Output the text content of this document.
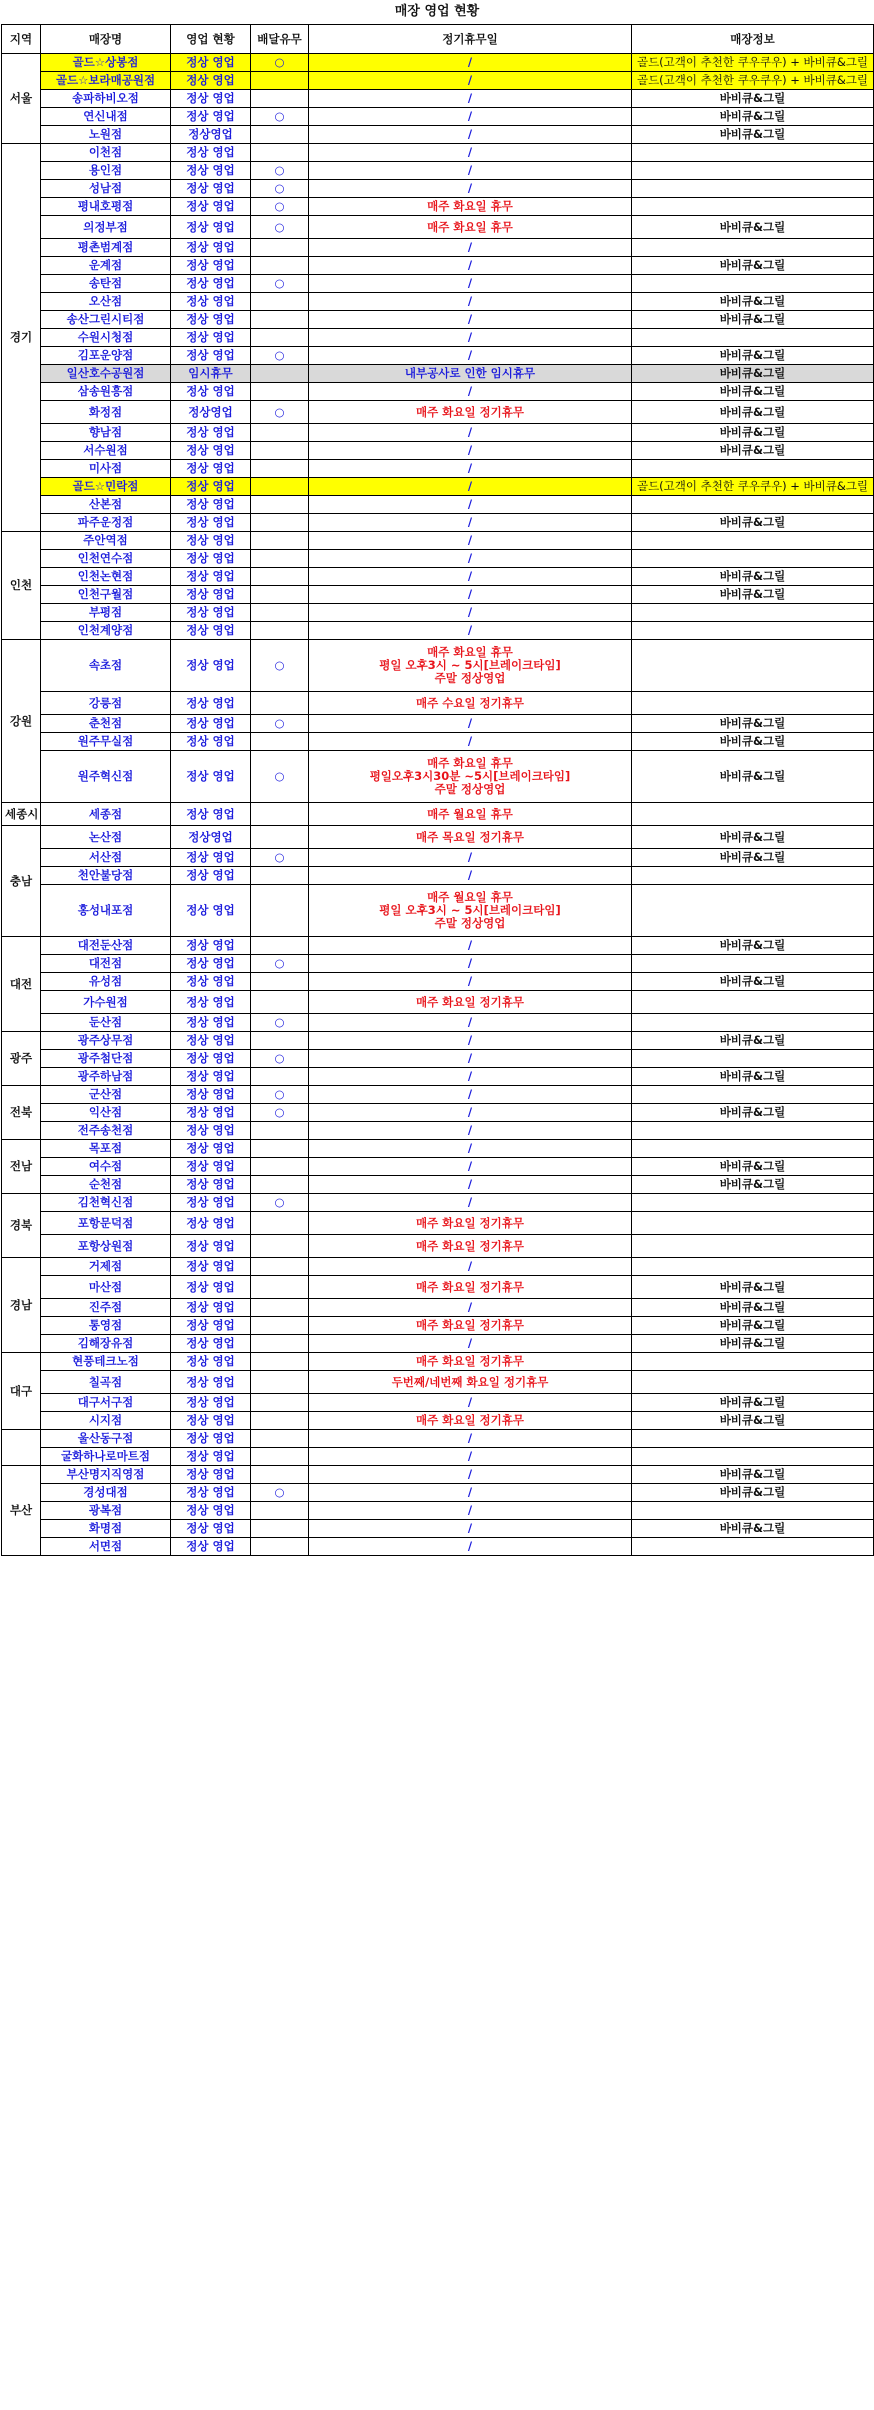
매장 영업 현황
지역	매장명	영업 현황	배달유무	정기휴무일	매장정보
서울	골드☆상봉점	정상 영업	○	/	골드(고객이 추천한 쿠우쿠우) + 바비큐&그릴
	골드☆보라매공원점	정상 영업		/	골드(고객이 추천한 쿠우쿠우) + 바비큐&그릴
	송파하비오점	정상 영업		/	바비큐&그릴
	연신내점	정상 영업	○	/	바비큐&그릴
	노원점	정상영업		/	바비큐&그릴
경기	이천점	정상 영업		/	

	용인점	정상 영업	○	/	

	성남점	정상 영업	○	/	

	평내호평점	정상 영업	○	매주 화요일 휴무	

	의정부점	정상 영업	○	매주 화요일 휴무	바비큐&그릴
	평촌범계점	정상 영업		/	

	운계점	정상 영업		/	바비큐&그릴
	송탄점	정상 영업	○	/	

	오산점	정상 영업		/	바비큐&그릴
	송산그린시티점	정상 영업		/	바비큐&그릴
	수원시청점	정상 영업		/	

	김포운양점	정상 영업	○	/	바비큐&그릴
	일산호수공원점	임시휴무		내부공사로 인한 임시휴무	바비큐&그릴
	삼송원흥점	정상 영업		/	바비큐&그릴
	화정점	정상영업	○	매주 화요일 정기휴무	바비큐&그릴
	향남점	정상 영업		/	바비큐&그릴
	서수원점	정상 영업		/	바비큐&그릴
	미사점	정상 영업		/	

	골드☆민락점	정상 영업		/	골드(고객이 추천한 쿠우쿠우) + 바비큐&그릴
	산본점	정상 영업		/	

	파주운정점	정상 영업		/	바비큐&그릴
인천	주안역점	정상 영업		/	

	인천연수점	정상 영업		/	

	인천논현점	정상 영업		/	바비큐&그릴
	인천구월점	정상 영업		/	바비큐&그릴
	부평점	정상 영업		/	

	인천계양점	정상 영업		/	

강원	속초점	정상 영업	○	매주 화요일 휴무
평일 오후3시 ~ 5시[브레이크타임]
주말 정상영업	

	강릉점	정상 영업		매주 수요일 정기휴무	

	춘천점	정상 영업	○	/	바비큐&그릴
	원주무실점	정상 영업		/	바비큐&그릴
	원주혁신점	정상 영업	○	매주 화요일 휴무
평일오후3시30분 ~5시[브레이크타임]
주말 정상영업	바비큐&그릴
세종시	세종점	정상 영업		매주 월요일 휴무	

충남	논산점	정상영업		매주 목요일 정기휴무	바비큐&그릴
	서산점	정상 영업	○	/	바비큐&그릴
	천안불당점	정상 영업		/	

	홍성내포점	정상 영업		매주 월요일 휴무
평일 오후3시 ~ 5시[브레이크타임]
주말 정상영업	

대전	대전둔산점	정상 영업		/	바비큐&그릴
	대전점	정상 영업	○	/	

	유성점	정상 영업		/	바비큐&그릴
	가수원점	정상 영업		매주 화요일 정기휴무	

	둔산점	정상 영업	○	/	

광주	광주상무점	정상 영업		/	바비큐&그릴
	광주첨단점	정상 영업	○	/	

	광주하남점	정상 영업		/	바비큐&그릴
전북	군산점	정상 영업	○	/	

	익산점	정상 영업	○	/	바비큐&그릴
	전주송천점	정상 영업		/	

전남	목포점	정상 영업		/	

	여수점	정상 영업		/	바비큐&그릴
	순천점	정상 영업		/	바비큐&그릴
경북	김천혁신점	정상 영업	○	/	

	포항문덕점	정상 영업		매주 화요일 정기휴무	

	포항상원점	정상 영업		매주 화요일 정기휴무	

경남	거제점	정상 영업		/	

	마산점	정상 영업		매주 화요일 정기휴무	바비큐&그릴
	진주점	정상 영업		/	바비큐&그릴
	통영점	정상 영업		매주 화요일 정기휴무	바비큐&그릴
	김해장유점	정상 영업		/	바비큐&그릴
대구	현풍테크노점	정상 영업		매주 화요일 정기휴무	

	칠곡점	정상 영업		두번째/네번째 화요일 정기휴무	

	대구서구점	정상 영업		/	바비큐&그릴
	시지점	정상 영업		매주 화요일 정기휴무	바비큐&그릴
	울산동구점	정상 영업		/	

	굴화하나로마트점	정상 영업		/	

부산	부산명지직영점	정상 영업		/	바비큐&그릴
	경성대점	정상 영업	○	/	바비큐&그릴
	광복점	정상 영업		/	

	화명점	정상 영업		/	바비큐&그릴
	서면점	정상 영업		/	
